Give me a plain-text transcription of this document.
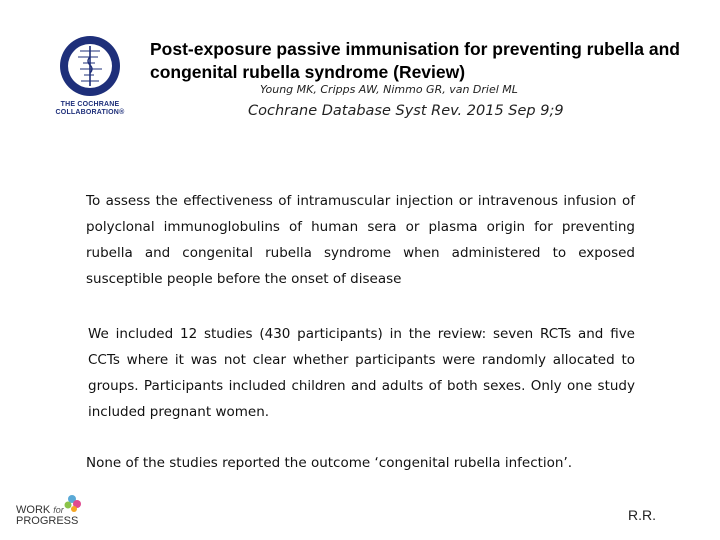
THE COCHRANE COLLABORATION®
Post-exposure passive immunisation for preventing rubella and congenital rubella syndrome (Review)
Young MK, Cripps AW, Nimmo GR, van Driel ML
Cochrane Database Syst Rev. 2015 Sep 9;9
To assess the effectiveness of intramuscular injection or intravenous infusion of polyclonal immunoglobulins of human sera or plasma origin for preventing rubella and congenital rubella syndrome when administered to exposed susceptible people before the onset of disease
We included 12 studies (430 participants) in the review: seven RCTs and five CCTs where it was not clear whether participants were randomly allocated to groups. Participants included children and adults of both sexes. Only one study included pregnant women.
None of the studies reported the outcome ‘congenital rubella infection’.
WORK for
PROGRESS	R.R.
